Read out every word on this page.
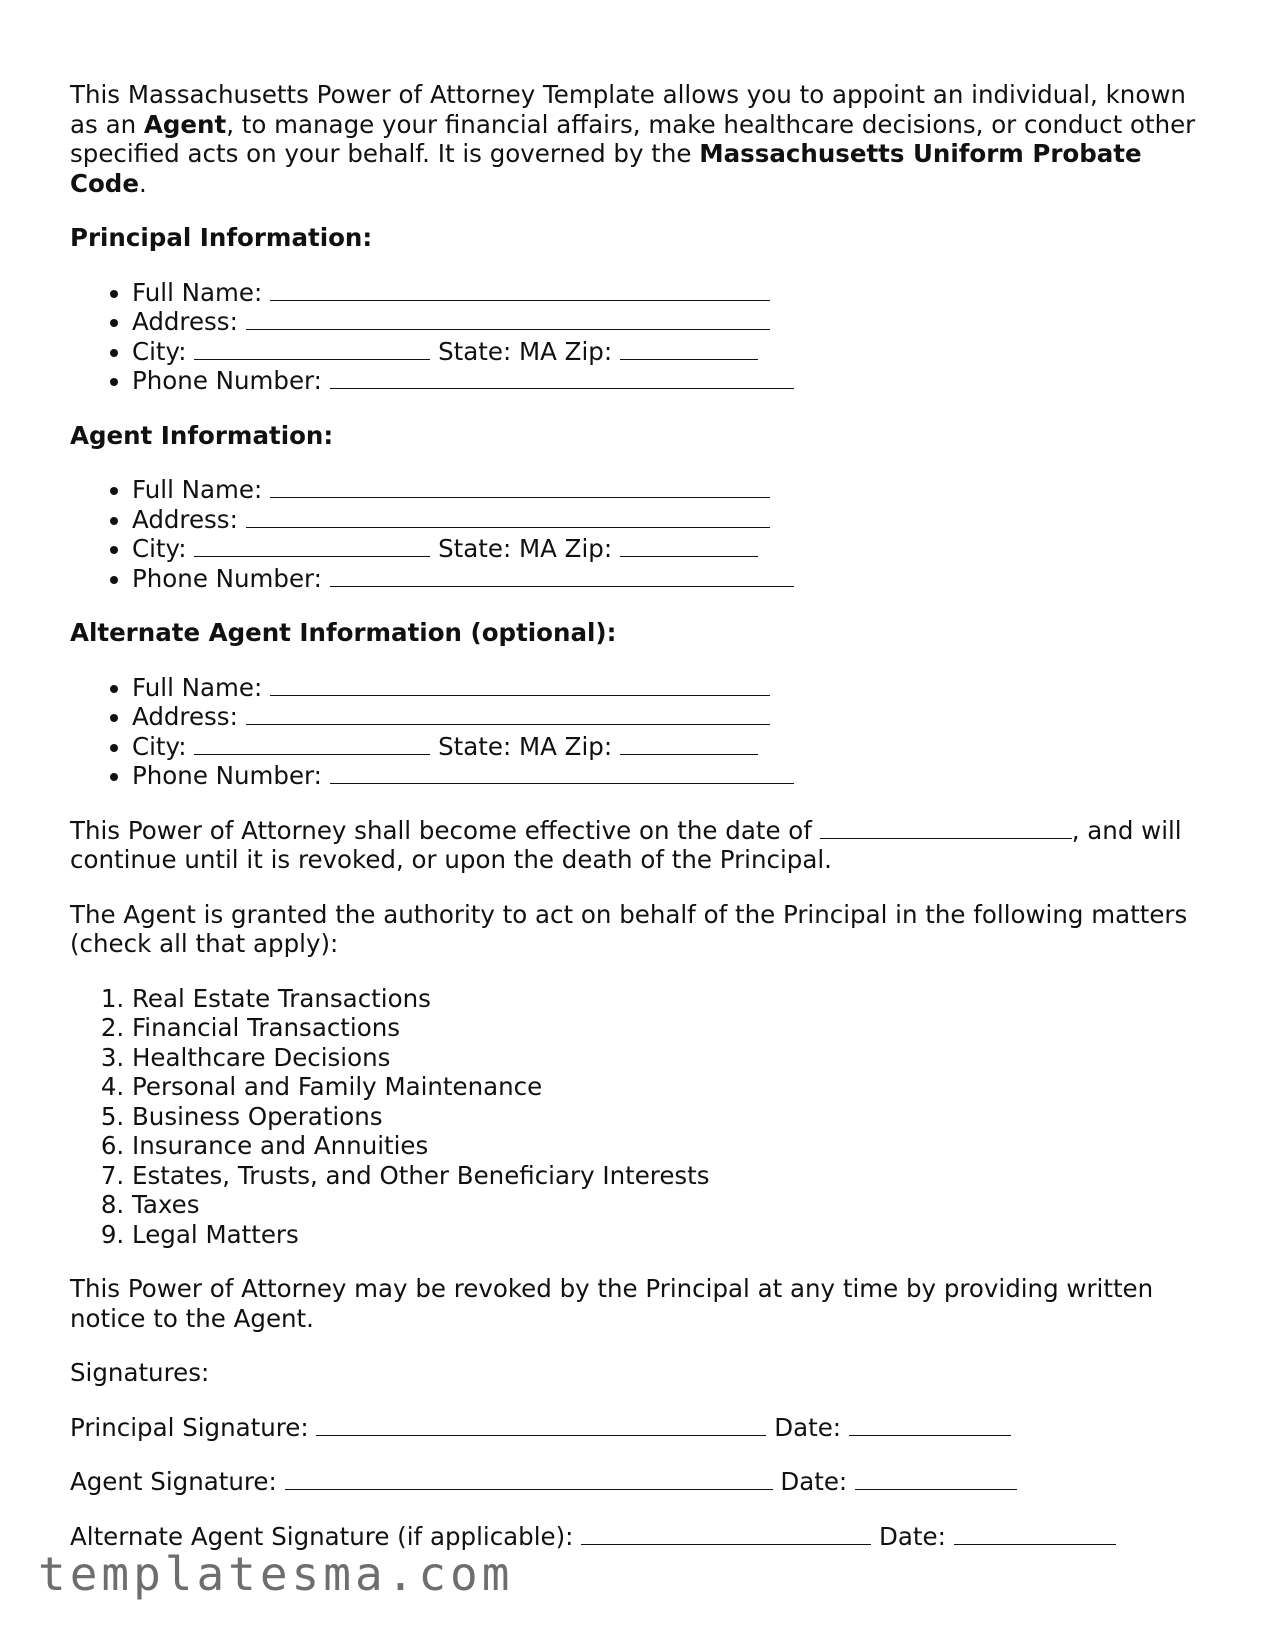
This Massachusetts Power of Attorney Template allows you to appoint an individual, known as an Agent, to manage your financial affairs, make healthcare decisions, or conduct other specified acts on your behalf. It is governed by the Massachusetts Uniform Probate Code.

Principal Information:
• Full Name:
• Address:
• City:	State: MA Zip:
• Phone Number:
Agent Information:
• Full Name:
• Address:
• City:	State: MA Zip:
• Phone Number:
Alternate Agent Information (optional):
• Full Name:
• Address:
• City:	State: MA Zip:
• Phone Number:

This Power of Attorney shall become effective on the date of	, and will continue until it is revoked, or upon the death of the Principal.

The Agent is granted the authority to act on behalf of the Principal in the following matters (check all that apply):

1. Real Estate Transactions
2. Financial Transactions
3. Healthcare Decisions
4. Personal and Family Maintenance
5. Business Operations
6. Insurance and Annuities
7. Estates, Trusts, and Other Beneficiary Interests
8. Taxes
9. Legal Matters

This Power of Attorney may be revoked by the Principal at any time by providing written notice to the Agent.

Signatures:

Principal Signature:	Date:

Agent Signature:	Date:

Alternate Agent Signature (if applicable):	Date:

templatesma.com
